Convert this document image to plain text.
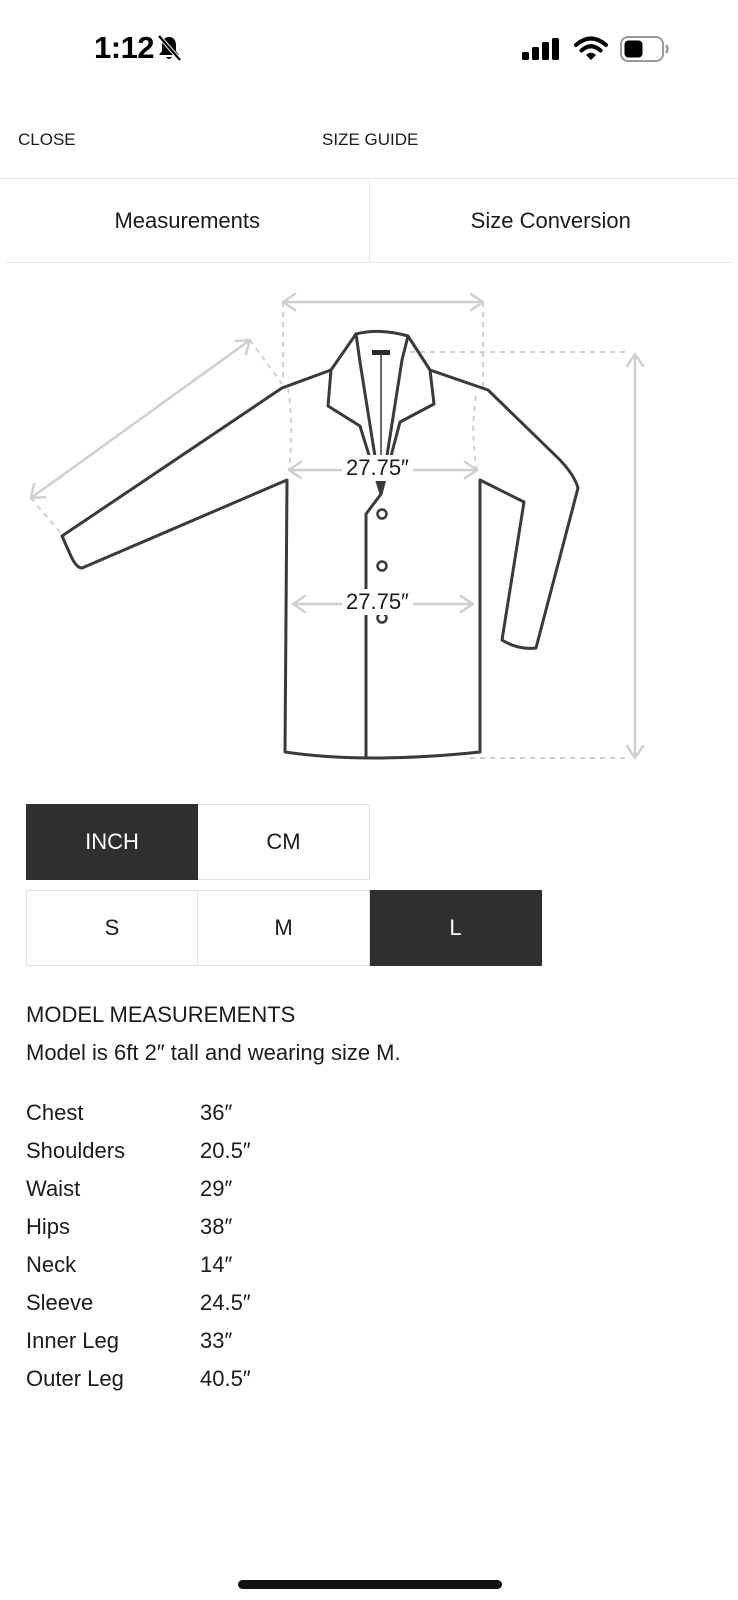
1:12
CLOSE	SIZE GUIDE
Measurements	Size Conversion
27.75″
27.75″
INCH	CM
S	M	L
MODEL MEASUREMENTS
Model is 6ft 2″ tall and wearing size M.
Chest	36″
Shoulders	20.5″
Waist	29″
Hips	38″
Neck	14″
Sleeve	24.5″
Inner Leg	33″
Outer Leg	40.5″
